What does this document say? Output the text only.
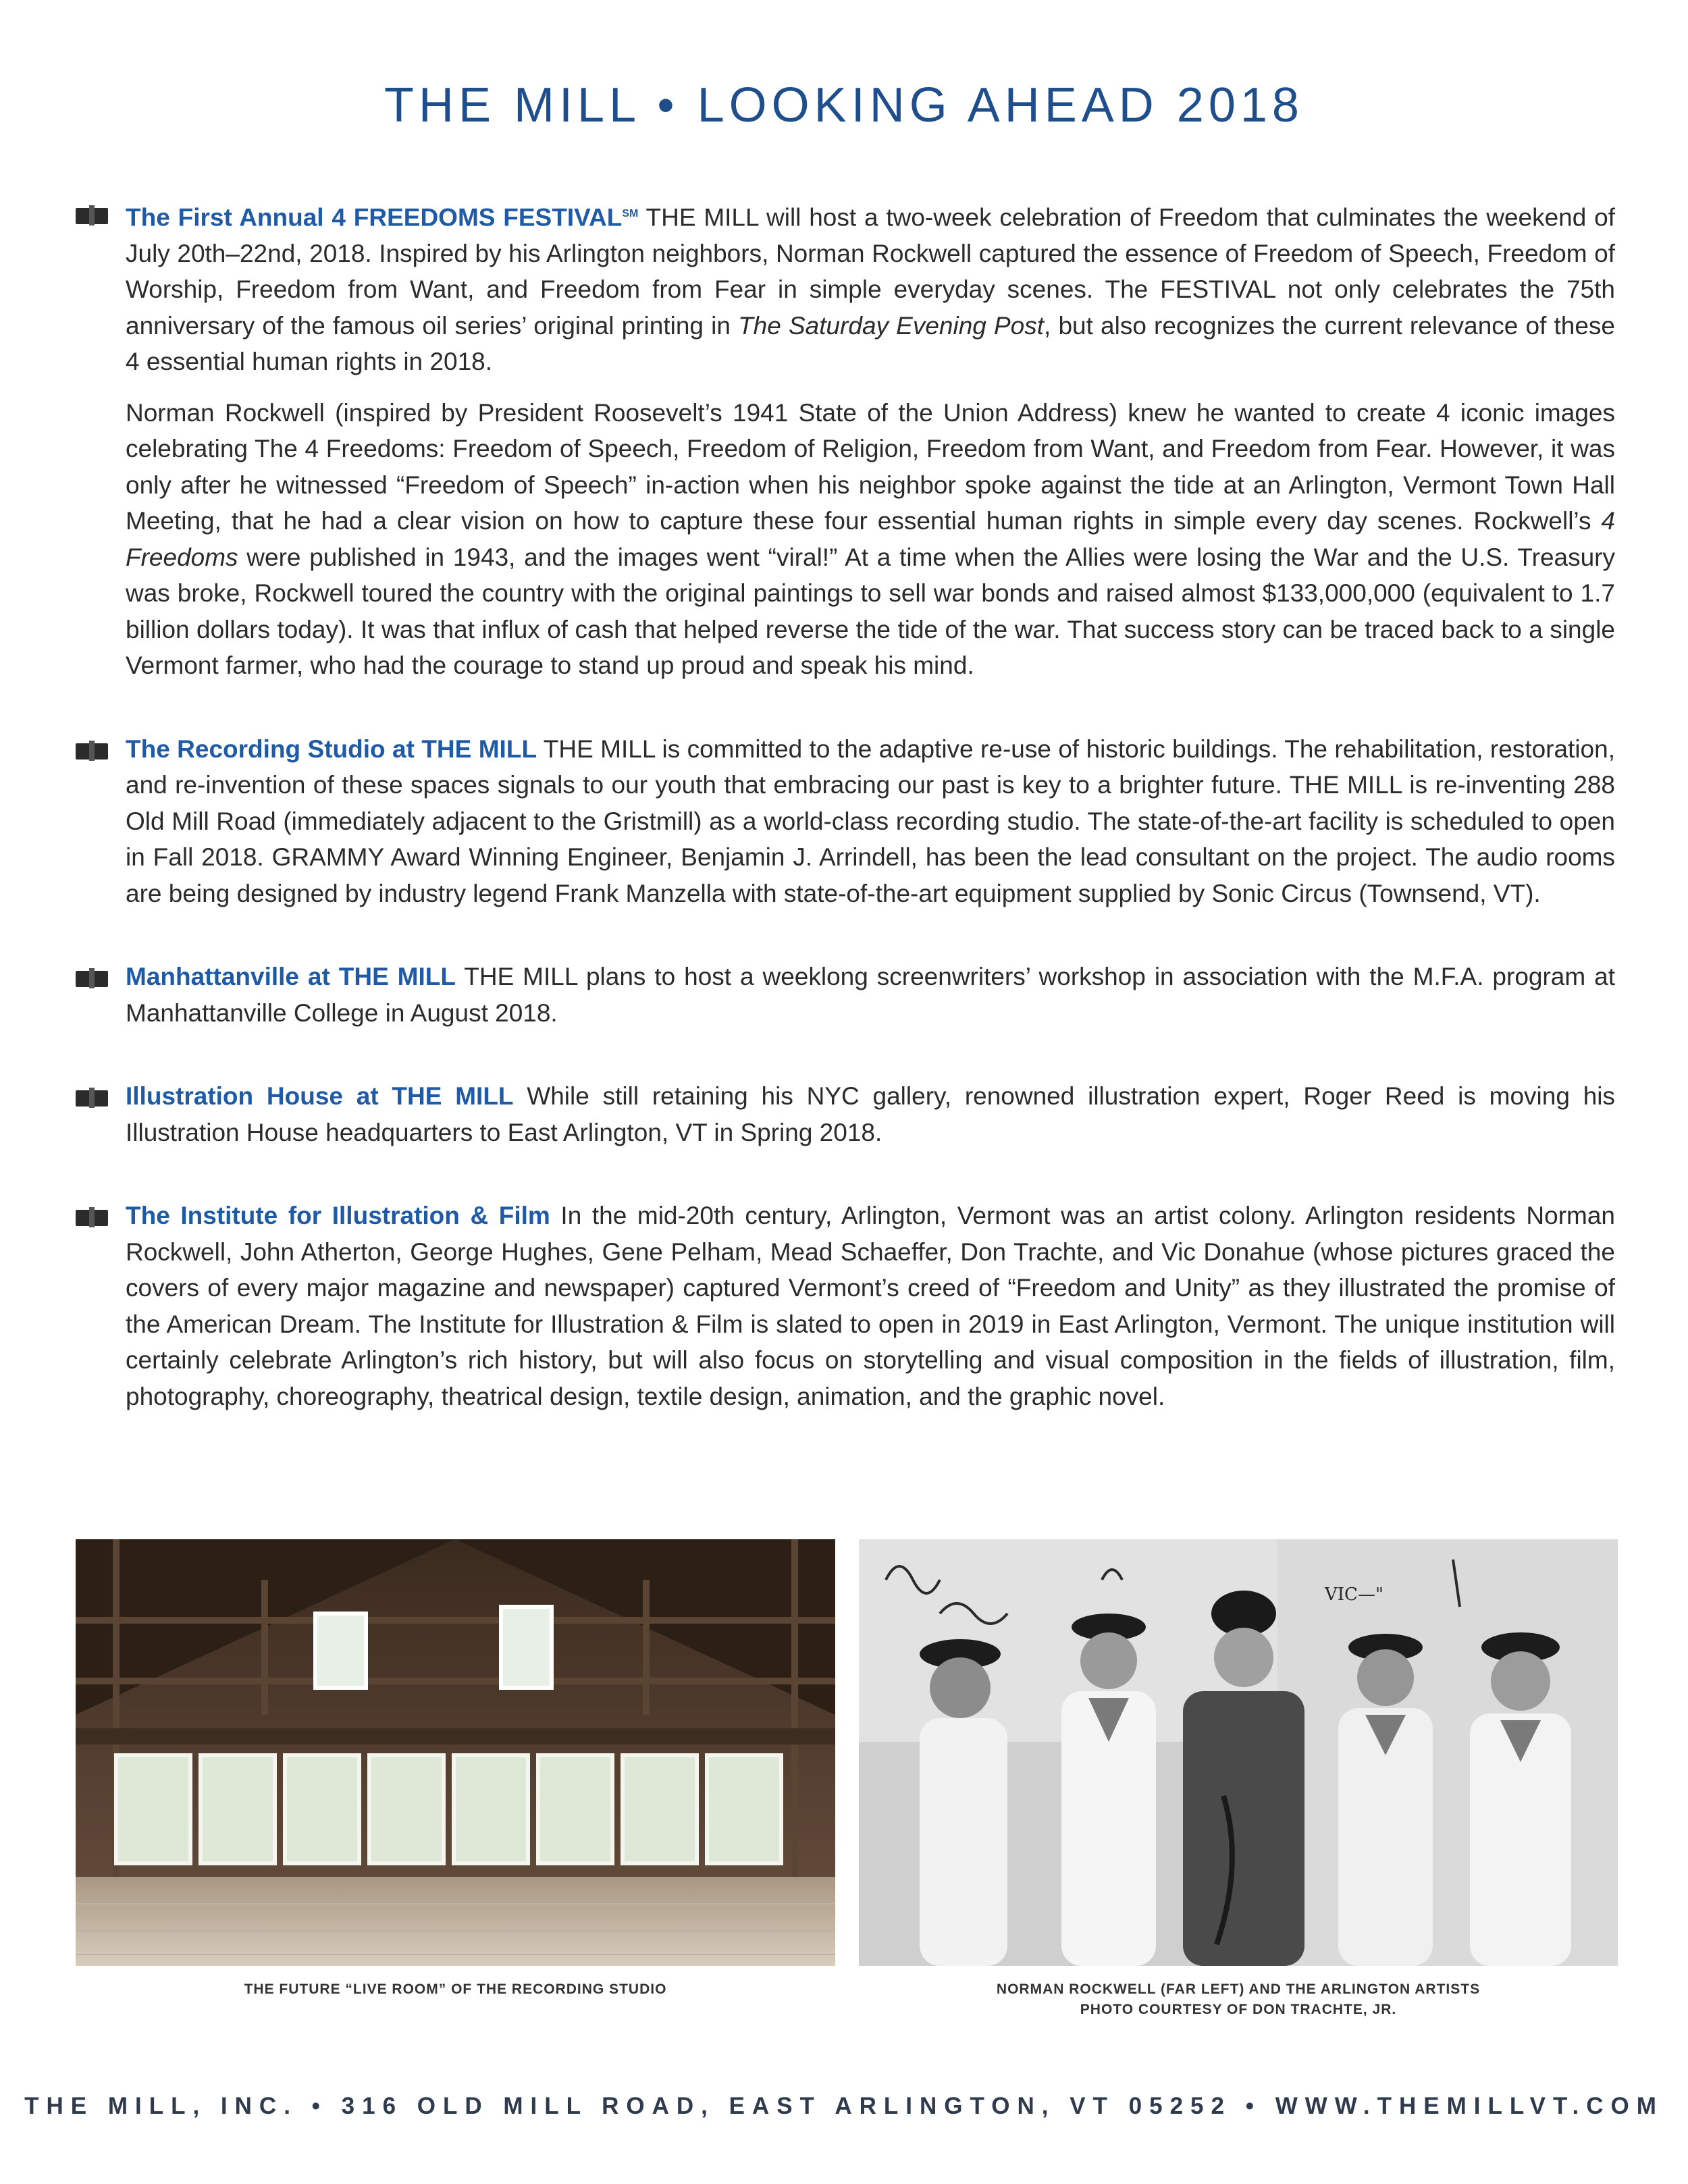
THE MILL • LOOKING AHEAD 2018

The First Annual 4 FREEDOMS FESTIVAL℠ THE MILL will host a two-week celebration of Freedom that culminates the weekend of July 20th–22nd, 2018. Inspired by his Arlington neighbors, Norman Rockwell captured the essence of Freedom of Speech, Freedom of Worship, Freedom from Want, and Freedom from Fear in simple everyday scenes. The FESTIVAL not only celebrates the 75th anniversary of the famous oil series’ original printing in The Saturday Evening Post, but also recognizes the current relevance of these 4 essential human rights in 2018.

Norman Rockwell (inspired by President Roosevelt’s 1941 State of the Union Address) knew he wanted to create 4 iconic images celebrating The 4 Freedoms: Freedom of Speech, Freedom of Religion, Freedom from Want, and Freedom from Fear. However, it was only after he witnessed “Freedom of Speech” in-action when his neighbor spoke against the tide at an Arlington, Vermont Town Hall Meeting, that he had a clear vision on how to capture these four essential human rights in simple every day scenes. Rockwell’s 4 Freedoms were published in 1943, and the images went “viral!” At a time when the Allies were losing the War and the U.S. Treasury was broke, Rockwell toured the country with the original paintings to sell war bonds and raised almost $133,000,000 (equivalent to 1.7 billion dollars today). It was that influx of cash that helped reverse the tide of the war. That success story can be traced back to a single Vermont farmer, who had the courage to stand up proud and speak his mind.

The Recording Studio at THE MILL THE MILL is committed to the adaptive re-use of historic buildings. The rehabilitation, restoration, and re-invention of these spaces signals to our youth that embracing our past is key to a brighter future. THE MILL is re-inventing 288 Old Mill Road (immediately adjacent to the Gristmill) as a world-class recording studio. The state-of-the-art facility is scheduled to open in Fall 2018. GRAMMY Award Winning Engineer, Benjamin J. Arrindell, has been the lead consultant on the project. The audio rooms are being designed by industry legend Frank Manzella with state-of-the-art equipment supplied by Sonic Circus (Townsend, VT).

Manhattanville at THE MILL THE MILL plans to host a weeklong screenwriters’ workshop in association with the M.F.A. program at Manhattanville College in August 2018.

Illustration House at THE MILL While still retaining his NYC gallery, renowned illustration expert, Roger Reed is moving his Illustration House headquarters to East Arlington, VT in Spring 2018.

The Institute for Illustration & Film In the mid-20th century, Arlington, Vermont was an artist colony. Arlington residents Norman Rockwell, John Atherton, George Hughes, Gene Pelham, Mead Schaeffer, Don Trachte, and Vic Donahue (whose pictures graced the covers of every major magazine and newspaper) captured Vermont’s creed of “Freedom and Unity” as they illustrated the promise of the American Dream. The Institute for Illustration & Film is slated to open in 2019 in East Arlington, Vermont. The unique institution will certainly celebrate Arlington’s rich history, but will also focus on storytelling and visual composition in the fields of illustration, film, photography, choreography, theatrical design, textile design, animation, and the graphic novel.

VIC—"
THE FUTURE “LIVE ROOM” OF THE RECORDING STUDIO	NORMAN ROCKWELL (FAR LEFT) AND THE ARLINGTON ARTISTS
PHOTO COURTESY OF DON TRACHTE, JR.
THE MILL, INC. • 316 OLD MILL ROAD, EAST ARLINGTON, VT 05252 • WWW.THEMILLVT.COM
